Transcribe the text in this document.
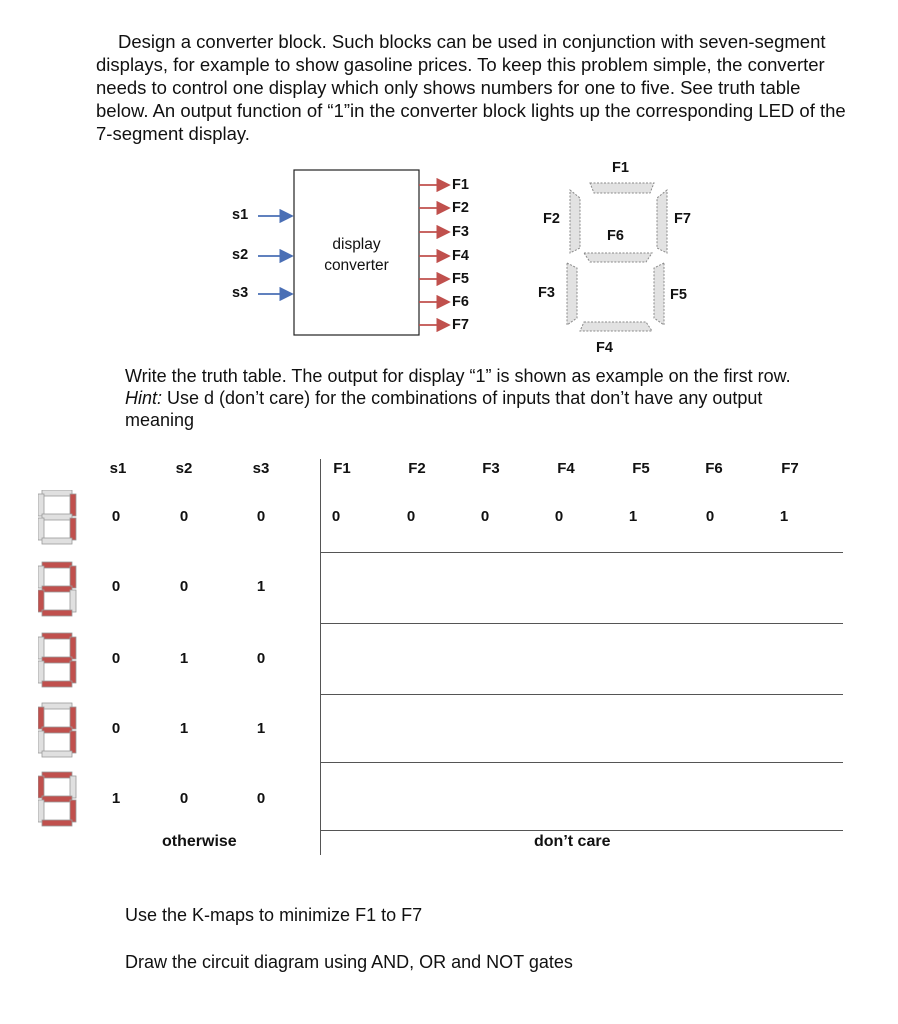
Design a converter block. Such blocks can be used in conjunction with seven-segment displays, for example to show gasoline prices. To keep this problem simple, the converter needs to control one display which only shows numbers for one to five. See truth table below. An output function of “1”in the converter block lights up the corresponding LED of the 7-segment display.
s1
s2
s3
display
converter
F1
F2
F3
F4
F5
F6
F7
F1
F2	F7
F6
F3	F5
F4
Write the truth table. The output for display “1” is shown as example on the first row. Hint: Use d (don’t care) for the combinations of inputs that don’t have any output meaning
s1	s2	s3	F1	F2	F3	F4	F5	F6	F7
0	0	0	0	0	0	0	1	0	1
0	0	1
0	1	0
0	1	1
1	0	0
otherwise	don’t care
Use the K-maps to minimize F1 to F7
Draw the circuit diagram using AND, OR and NOT gates
